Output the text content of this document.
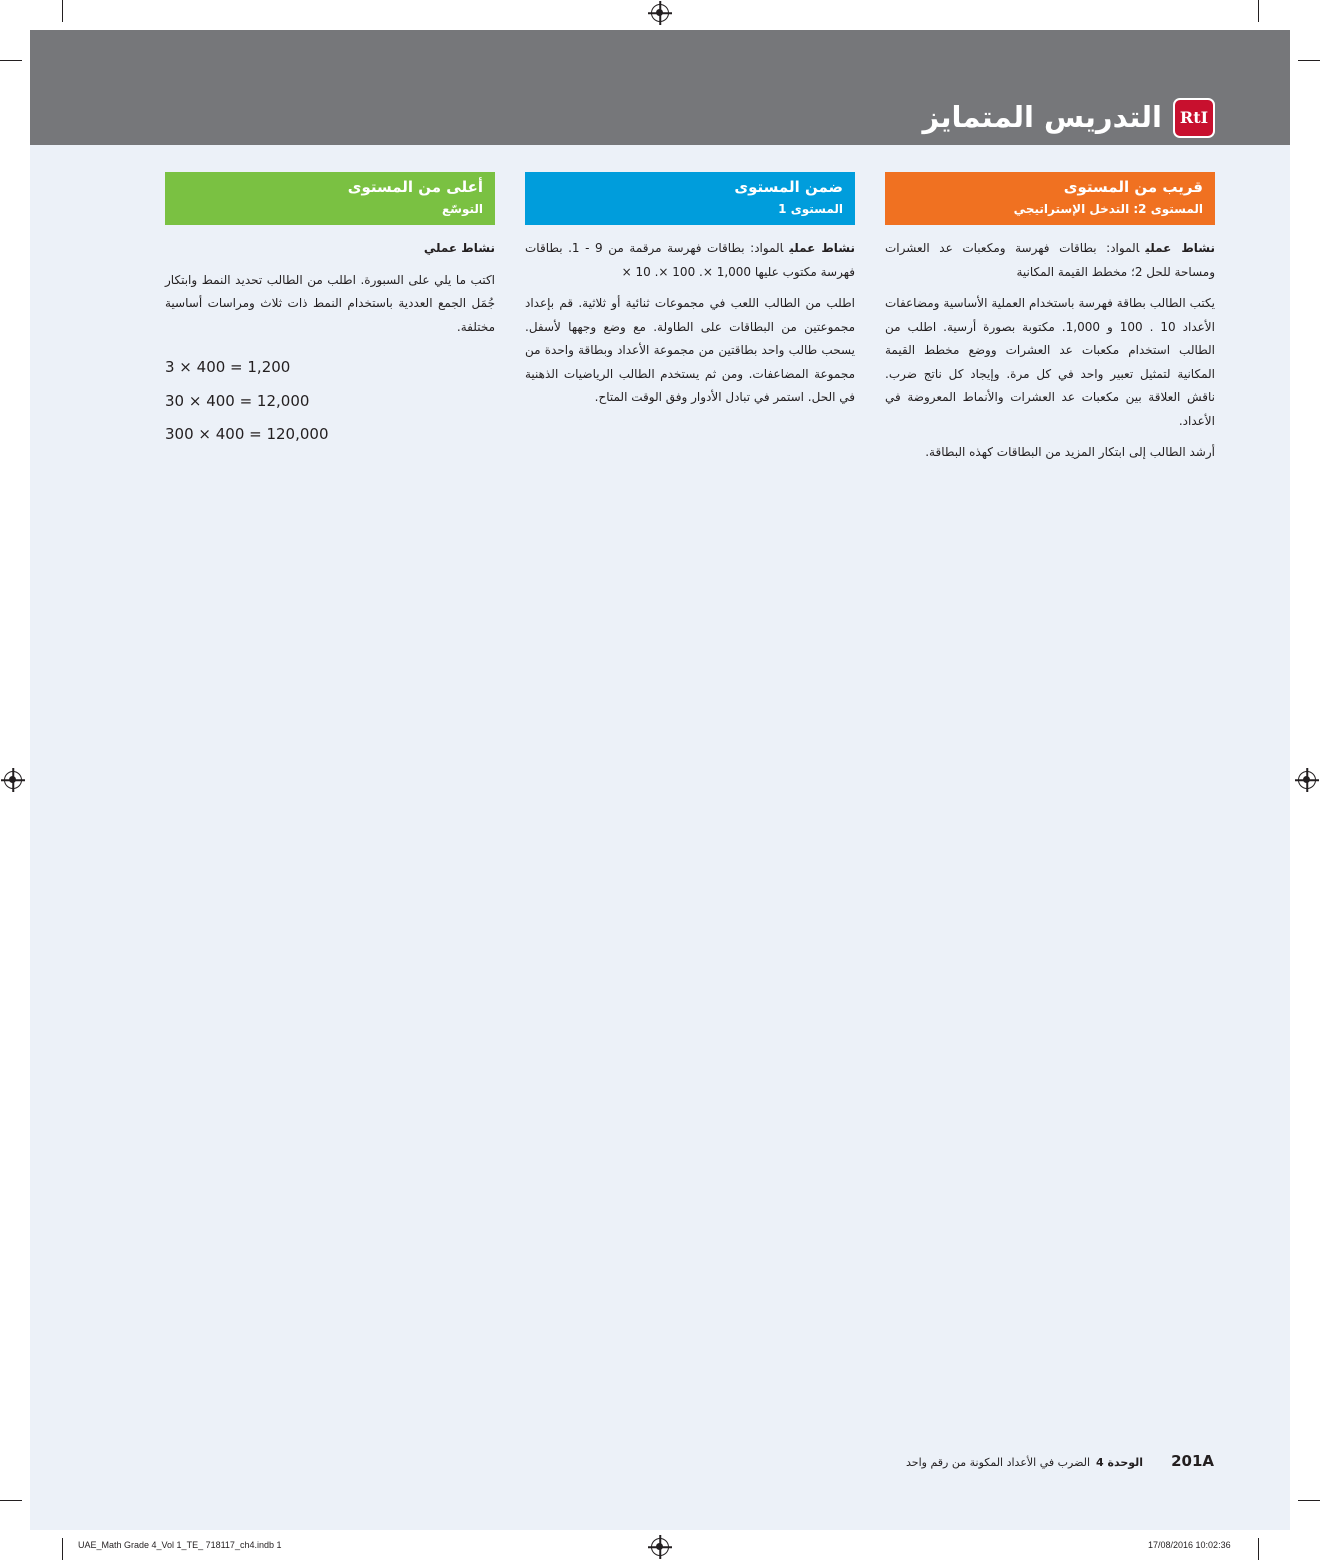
التدريس المتمايز	RtI
قريب من المستوى
المستوى 2: التدخل الإستراتيجي

نشاط عمليالمواد: بطاقات فهرسة ومكعبات عد العشرات ومساحة للحل 2؛ مخطط القيمة المكانية

يكتب الطالب بطاقة فهرسة باستخدام العملية الأساسية ومضاعفات الأعداد 10 . 100 و 1,000. مكتوبة بصورة أرسية. اطلب من الطالب استخدام مكعبات عد العشرات ووضع مخطط القيمة المكانية لتمثيل تعبير واحد في كل مرة. وإيجاد كل ناتج ضرب. ناقش العلاقة بين مكعبات عد العشرات والأنماط المعروضة في الأعداد.

أرشد الطالب إلى ابتكار المزيد من البطاقات كهذه البطاقة.

ضمن المستوى
المستوى 1

نشاط عمليالمواد: بطاقات فهرسة مرقمة من 9 - 1. بطاقات فهرسة مكتوب عليها 1,000 ×. 100 ×. 10 ×

اطلب من الطالب اللعب في مجموعات ثنائية أو ثلاثية. قم بإعداد مجموعتين من البطاقات على الطاولة. مع وضع وجهها لأسفل. يسحب طالب واحد بطاقتين من مجموعة الأعداد وبطاقة واحدة من مجموعة المضاعفات. ومن ثم يستخدم الطالب الرياضيات الذهنية في الحل. استمر في تبادل الأدوار وفق الوقت المتاح.

أعلى من المستوى
التوسّع

نشاط عملي

اكتب ما يلي على السبورة. اطلب من الطالب تحديد النمط وابتكار جُمَل الجمع العددية باستخدام النمط ذات ثلاث ومراسات أساسية مختلفة.

3 × 400 = 1,200
30 × 400 = 12,000
300 × 400 = 120,000
201Aالوحدة 4الضرب في الأعداد المكونة من رقم واحد
UAE_Math Grade 4_Vol 1_TE_ 718117_ch4.indb 1	17/08/2016 10:02:36
